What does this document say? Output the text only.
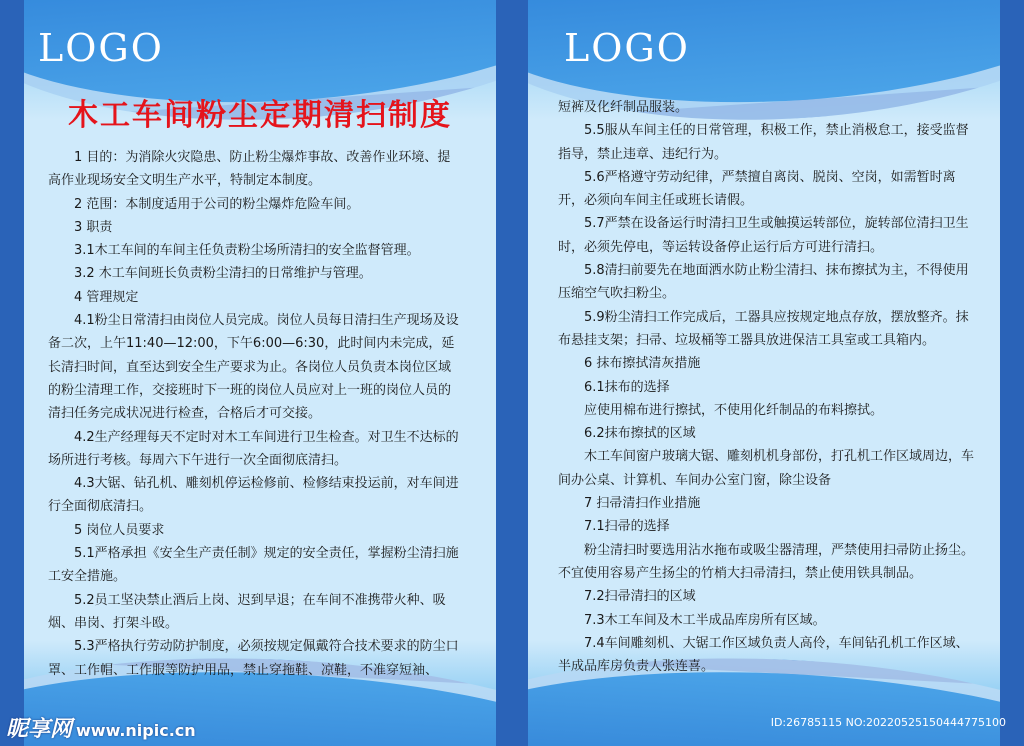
LOGO
木工车间粉尘定期清扫制度

1 目的：为消除火灾隐患、防止粉尘爆炸事故、改善作业环境、提高作业现场安全文明生产水平，特制定本制度。

2 范围：本制度适用于公司的粉尘爆炸危险车间。

3 职责

3.1木工车间的车间主任负责粉尘场所清扫的安全监督管理。

3.2 木工车间班长负责粉尘清扫的日常维护与管理。

4 管理规定

4.1粉尘日常清扫由岗位人员完成。岗位人员每日清扫生产现场及设备二次，上午11:40—12:00，下午6:00—6:30，此时间内未完成，延长清扫时间，直至达到安全生产要求为止。各岗位人员负责本岗位区域的粉尘清理工作，交接班时下一班的岗位人员应对上一班的岗位人员的清扫任务完成状况进行检查，合格后才可交接。

4.2生产经理每天不定时对木工车间进行卫生检查。对卫生不达标的场所进行考核。每周六下午进行一次全面彻底清扫。

4.3大锯、钻孔机、雕刻机停运检修前、检修结束投运前，对车间进行全面彻底清扫。

5 岗位人员要求

5.1严格承担《安全生产责任制》规定的安全责任，掌握粉尘清扫施工安全措施。

5.2员工坚决禁止酒后上岗、迟到早退；在车间不准携带火种、吸烟、串岗、打架斗殴。

5.3严格执行劳动防护制度，必须按规定佩戴符合技术要求的防尘口罩、工作帽、工作服等防护用品，禁止穿拖鞋、凉鞋，不准穿短袖、

LOGO

短裤及化纤制品服装。

5.5服从车间主任的日常管理，积极工作，禁止消极怠工，接受监督指导，禁止违章、违纪行为。

5.6严格遵守劳动纪律，严禁擅自离岗、脱岗、空岗，如需暂时离开，必须向车间主任或班长请假。

5.7严禁在设备运行时清扫卫生或触摸运转部位，旋转部位清扫卫生时，必须先停电，等运转设备停止运行后方可进行清扫。

5.8清扫前要先在地面洒水防止粉尘清扫、抹布擦拭为主，不得使用压缩空气吹扫粉尘。

5.9粉尘清扫工作完成后，工器具应按规定地点存放，摆放整齐。抹布悬挂支架；扫帚、垃圾桶等工器具放进保洁工具室或工具箱内。

6 抹布擦拭清灰措施

6.1抹布的选择

应使用棉布进行擦拭，不使用化纤制品的布料擦拭。

6.2抹布擦拭的区域

木工车间窗户玻璃大锯、雕刻机机身部份，打孔机工作区域周边，车间办公桌、计算机、车间办公室门窗，除尘设备

7 扫帚清扫作业措施

7.1扫帚的选择

粉尘清扫时要选用沾水拖布或吸尘器清理，严禁使用扫帚防止扬尘。不宜使用容易产生扬尘的竹梢大扫帚清扫，禁止使用铁具制品。

7.2扫帚清扫的区域

7.3木工车间及木工半成品库房所有区域。

7.4车间雕刻机、大锯工作区域负责人高伶，车间钻孔机工作区域、半成品库房负责人张连喜。

昵享网 www.nipic.cn	ID:26785115 NO:20220525150444775100
